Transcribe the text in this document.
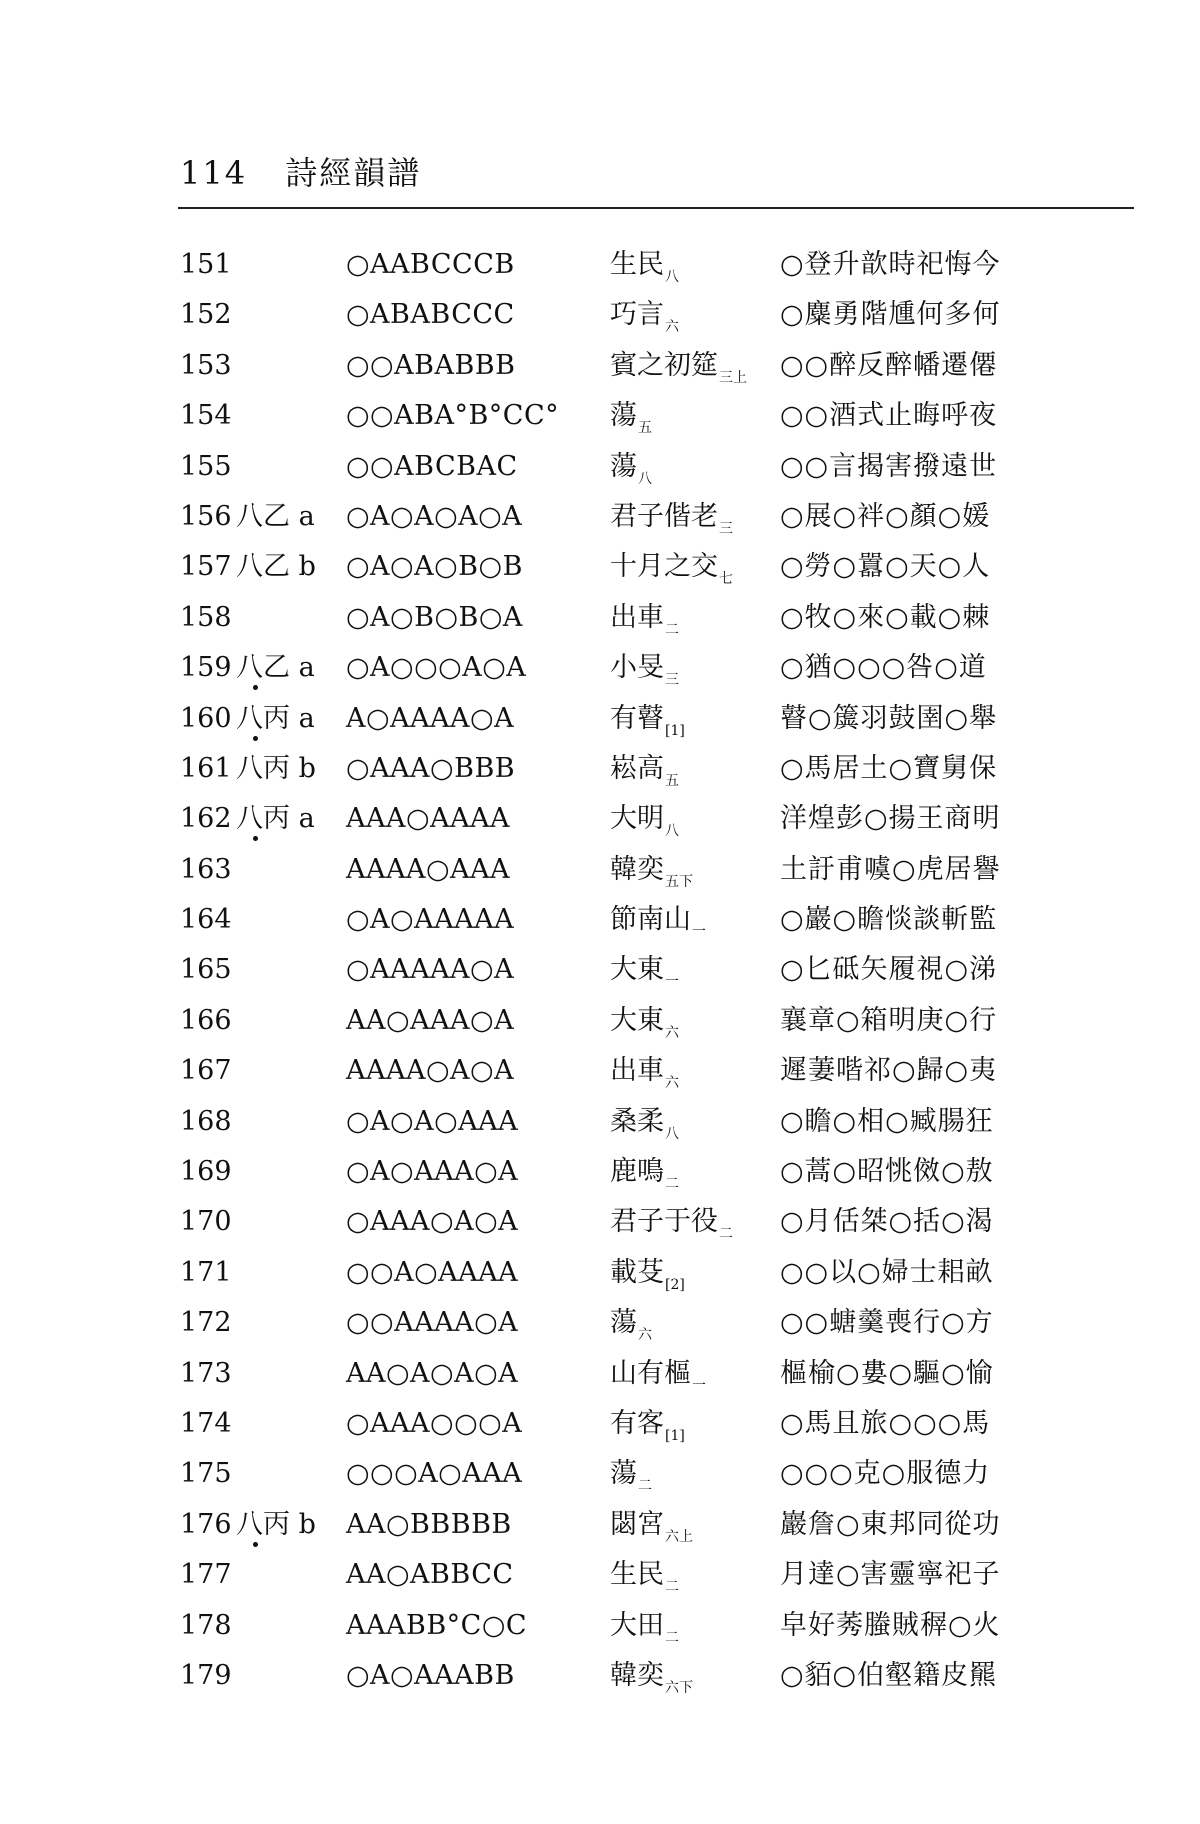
114 詩經韻譜
151	○AABCCCB	生民$_八$	○登升歆時祀悔今
152	○ABABCCC	巧言$_六$	○麋勇階尰何多何
153	○○ABABBB	賓之初筵$_{三上}$ ○○醉反醉幡遷僊
154	○○ABA°B°CC° 蕩$_五$	○○酒式止晦呼夜
155	○○ABCBAC	蕩$_八$	○○言揭害撥遠世
156 八乙 a ○A○A○A○A	君子偕老$_三$ ○展○袢○顏○媛
157 八乙 b ○A○A○B○B	十月之交$_七$ ○勞○囂○天○人
158	○A○B○B○A	出車$_二$	○牧○來○載○棘
159 八乙 a ○A○○○A○A	小旻$_三$	○猶○○○咎○道
160 八丙 a A○AAAA○A	有瞽$_{[1]}$	瞽○簴羽鼓圉○舉
161 八丙 b ○AAA○BBB	崧高$_五$	○馬居土○寶舅保
162 八丙 a AAA○AAAA	大明$_八$	洋煌彭○揚王商明
163	AAAA○AAA	韓奕$_{五下}$	土訏甫噳○虎居譽
164	○A○AAAAA	節南山$_一$	○巖○瞻惔談斬監
165	○AAAAA○A	大東$_一$	○匕砥矢履視○涕
166	AA○AAA○A	大東$_六$	襄章○箱明庚○行
167	AAAA○A○A	出車$_六$	遲萋喈祁○歸○夷
168	○A○A○AAA	桑柔$_八$	○瞻○相○臧腸狂
169	○A○AAA○A	鹿鳴$_二$	○蒿○昭恌傚○敖
170	○AAA○A○A	君子于役$_二$ ○月佸桀○括○渴
171	○○A○AAAA	載芟$_{[2]}$	○○以○婦士耜畝
172	○○AAAA○A	蕩$_六$	○○螗羹喪行○方
173	AA○A○A○A	山有樞$_一$	樞榆○婁○驅○愉
174	○AAA○○○A	有客$_{[1]}$	○馬且旅○○○馬
175	○○○A○AAA	蕩$_二$	○○○克○服德力
176 八丙 b AA○BBBBB	閟宮$_{六上}$	巖詹○東邦同從功
177	AA○ABBCC	生民$_二$	月達○害靈寧祀子
178	AAABB°C○C	大田$_二$	皁好莠螣賊稺○火
179	○A○AAABB	韓奕$_{六下}$	○貊○伯壑籍皮羆
